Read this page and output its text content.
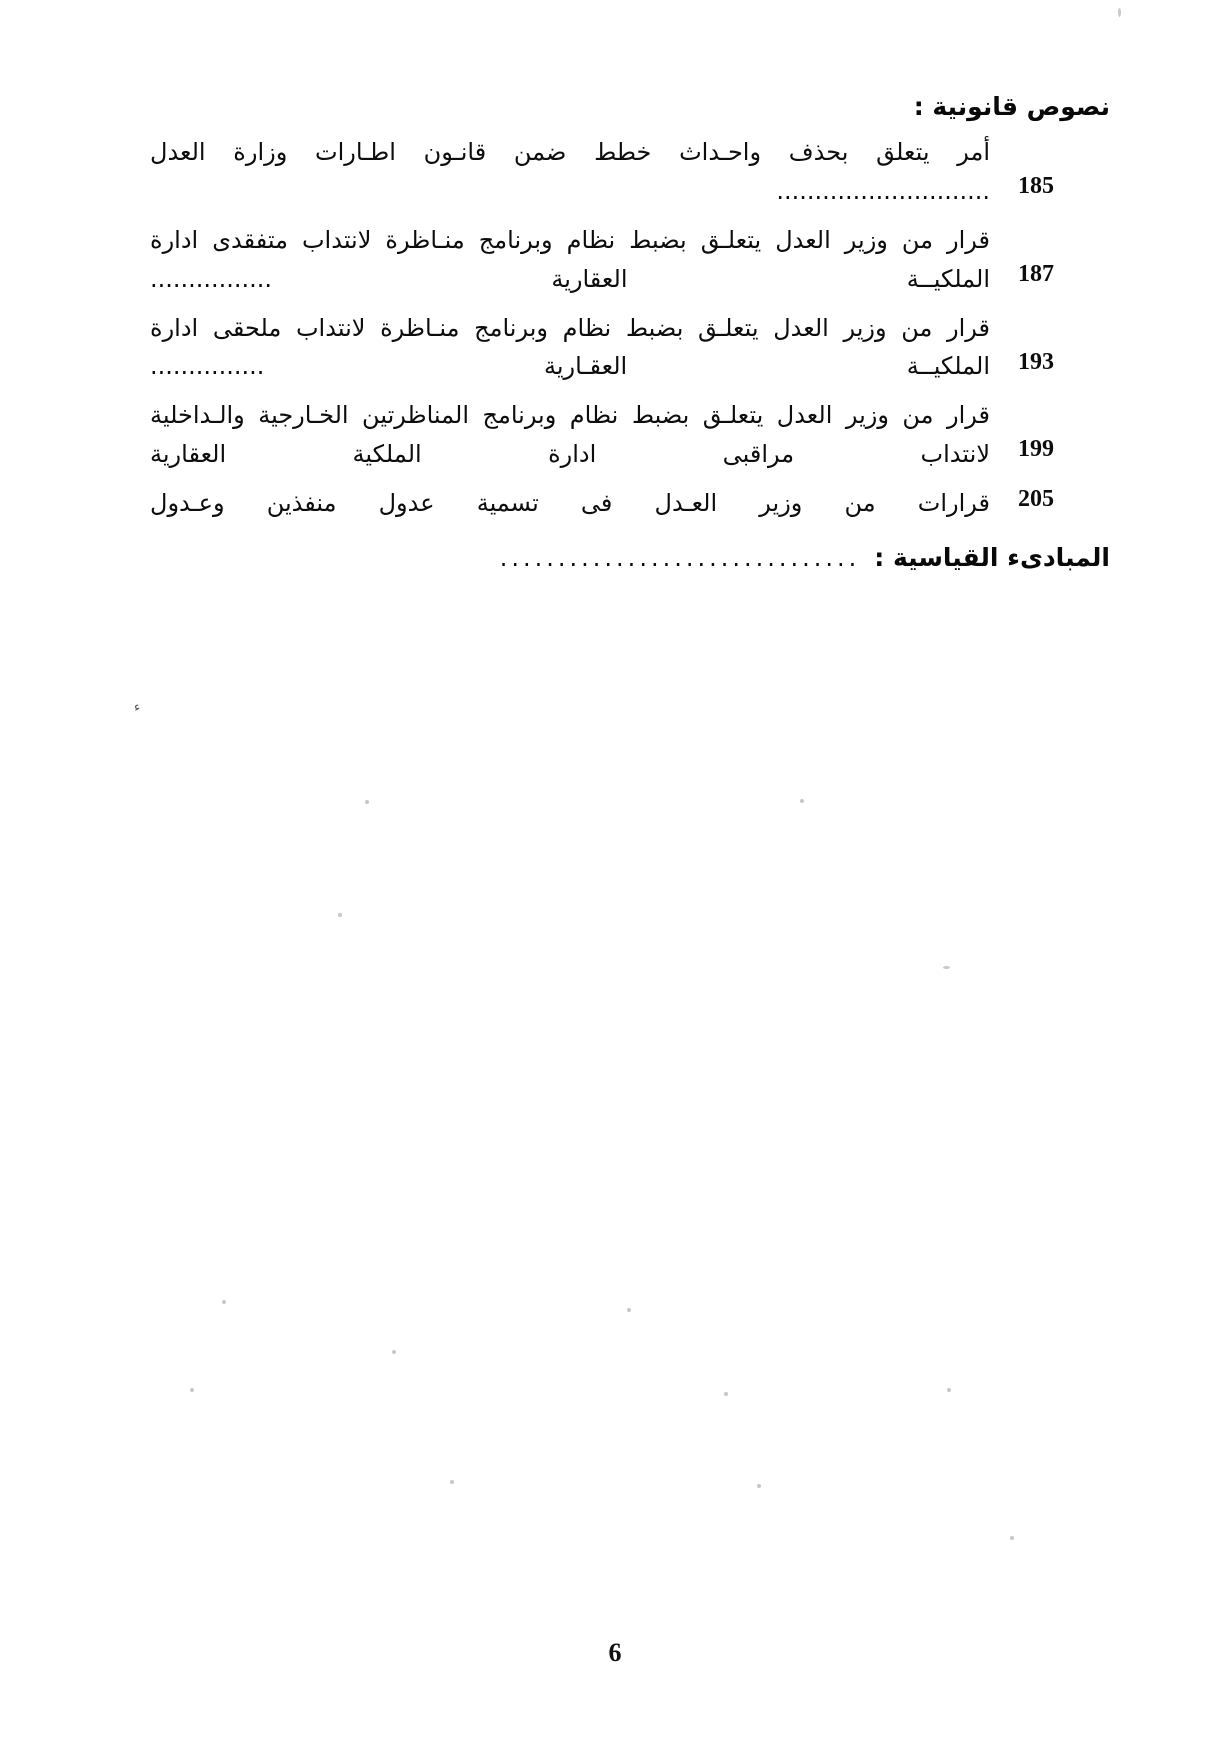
نصوص قانونية :
185
أمر يتعلق بحذف واحـداث خطط ضمن قانـون اطـارات وزارة العدل ............................
187
قرار من وزير العدل يتعلـق بضبط نظام وبرنامج منـاظرة لانتداب متفقدى ادارة الملكيــة العقارية ................
193
قرار من وزير العدل يتعلـق بضبط نظام وبرنامج منـاظرة لانتداب ملحقى ادارة الملكيــة العقـارية ...............
199
قرار من وزير العدل يتعلـق بضبط نظام وبرنامج المناظرتين الخـارجية والـداخلية لانتداب مراقبى ادارة الملكية العقارية
205
قرارات من وزير العـدل فى تسمية عدول منفذين وعـدول
المبادىء القياسية :
...............................
ء
6
